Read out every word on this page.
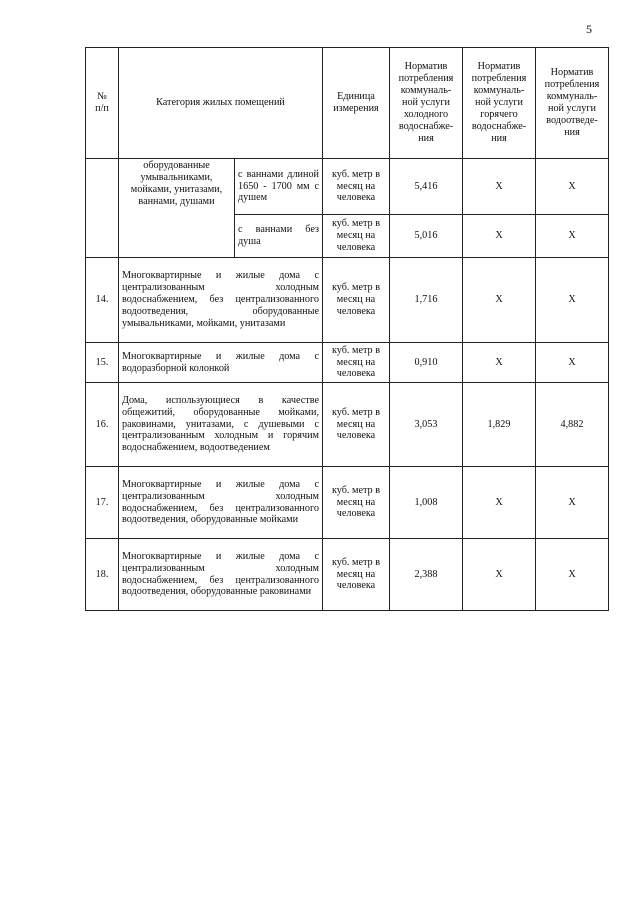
5
№
п/п	Категория жилых помещений		Единица измерения	Норматив потребления коммуналь-ной услуги холодного водоснабже-ния	Норматив потребления коммуналь-ной услуги горячего водоснабже-ния	Норматив потребления коммуналь-ной услуги водоотведе-ния
	оборудованные умывальниками, мойками, унитазами, ваннами, душами	с ваннами длиной 1650 - 1700 мм с душем	куб. метр в месяц на человека	5,416	X	X
		с ваннами без душа	куб. метр в месяц на человека	5,016	X	X
14.	Многоквартирные и жилые дома с централизованным холодным водоснабжением, без централизованного водоотведения, оборудованные умывальниками, мойками, унитазами		куб. метр в месяц на человека	1,716	X	X
15.	Многоквартирные и жилые дома с водоразборной колонкой		куб. метр в месяц на человека	0,910	X	X
16.	Дома, использующиеся в качестве общежитий, оборудованные мойками, раковинами, унитазами, с душевыми с централизованным холодным и горячим водоснабжением, водоотведением		куб. метр в месяц на человека	3,053	1,829	4,882
17.	Многоквартирные и жилые дома с централизованным холодным водоснабжением, без централизованного водоотведения, оборудованные мойками		куб. метр в месяц на человека	1,008	X	X
18.	Многоквартирные и жилые дома с централизованным холодным водоснабжением, без централизованного водоотведения, оборудованные раковинами		куб. метр в месяц на человека	2,388	X	X
